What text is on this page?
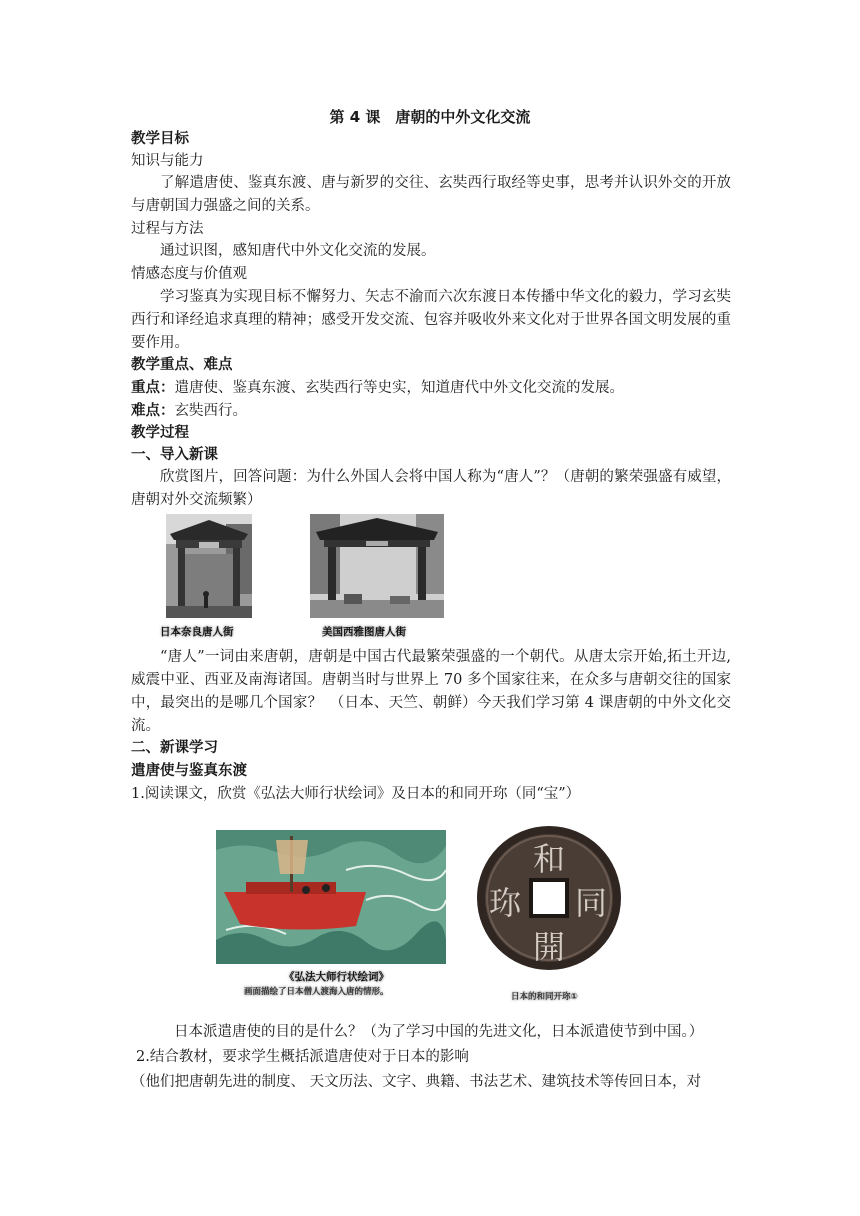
第 4 课　唐朝的中外文化交流
教学目标
知识与能力
了解遣唐使、鉴真东渡、唐与新罗的交往、玄奘西行取经等史事，思考并认识外交的开放与唐朝国力强盛之间的关系。
过程与方法
通过识图，感知唐代中外文化交流的发展。
情感态度与价值观
学习鉴真为实现目标不懈努力、矢志不渝而六次东渡日本传播中华文化的毅力，学习玄奘西行和译经追求真理的精神；感受开发交流、包容并吸收外来文化对于世界各国文明发展的重要作用。
教学重点、难点
重点：遣唐使、鉴真东渡、玄奘西行等史实，知道唐代中外文化交流的发展。
难点：玄奘西行。
教学过程
一、导入新课
欣赏图片，回答问题：为什么外国人会将中国人称为“唐人”？（唐朝的繁荣强盛有威望，唐朝对外交流频繁）
日本奈良唐人街	美国西雅图唐人街
“唐人”一词由来唐朝，唐朝是中国古代最繁荣强盛的一个朝代。从唐太宗开始,拓土开边,威震中亚、西亚及南海诸国。唐朝当时与世界上 70 多个国家往来，在众多与唐朝交往的国家中，最突出的是哪几个国家？　（日本、天竺、朝鲜）今天我们学习第 4 课唐朝的中外文化交流。
二、新课学习
遣唐使与鉴真东渡
1.阅读课文，欣赏《弘法大师行状绘词》及日本的和同开珎（同“宝”）
《弘法大师行状绘词》
画面描绘了日本僧人渡海入唐的情形。
和
同
開
珎
日本的和同开珎①
日本派遣唐使的目的是什么？（为了学习中国的先进文化，日本派遣使节到中国。）
2.结合教材，要求学生概括派遣唐使对于日本的影响
（他们把唐朝先进的制度、 天文历法、文字、典籍、书法艺术、建筑技术等传回日本，对
